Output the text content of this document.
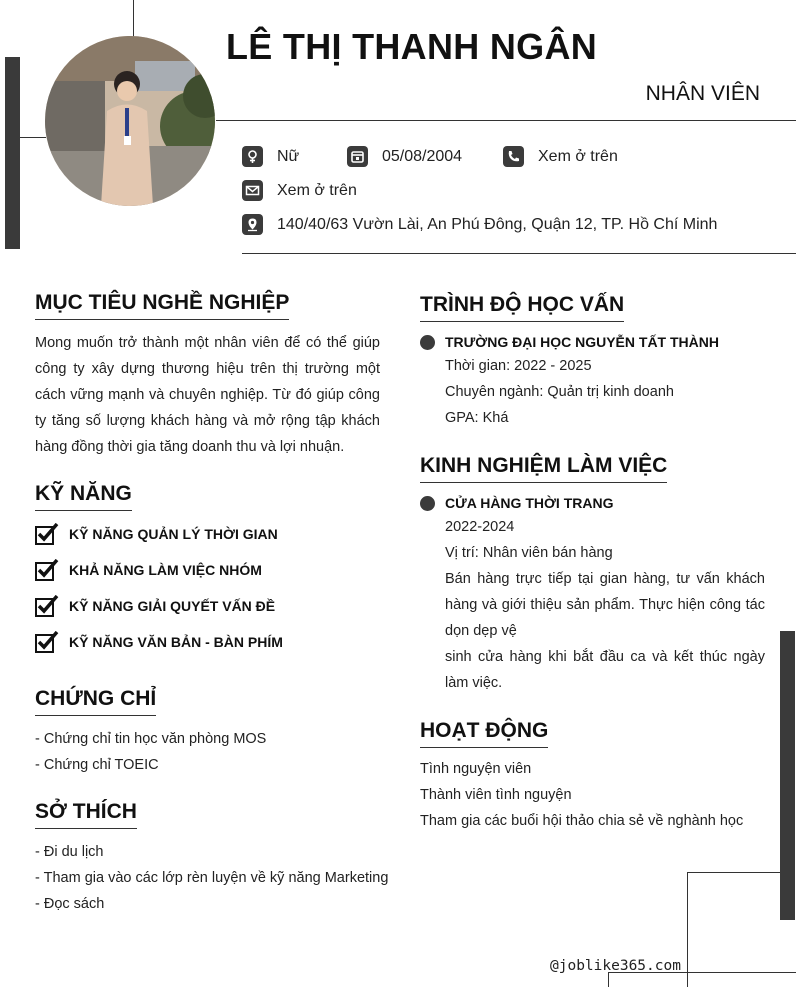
LÊ THỊ THANH NGÂN
NHÂN VIÊN
Nữ	05/08/2004	Xem ở trên
Xem ở trên
140/40/63 Vườn Lài, An Phú Đông, Quận 12, TP. Hồ Chí Minh
MỤC TIÊU NGHỀ NGHIỆP
Mong muốn trở thành một nhân viên để có thể giúp công ty xây dựng thương hiệu trên thị trường một cách vững mạnh và chuyên nghiệp. Từ đó giúp công ty tăng số lượng khách hàng và mở rộng tập khách hàng đồng thời gia tăng doanh thu và lợi nhuận.
KỸ NĂNG
KỸ NĂNG QUẢN LÝ THỜI GIAN
KHẢ NĂNG LÀM VIỆC NHÓM
KỸ NĂNG GIẢI QUYẾT VẤN ĐỀ
KỸ NĂNG VĂN BẢN - BÀN PHÍM
CHỨNG CHỈ
- Chứng chỉ tin học văn phòng MOS
- Chứng chỉ TOEIC
SỞ THÍCH
- Đi du lịch
- Tham gia vào các lớp rèn luyện về kỹ năng Marketing
- Đọc sách
TRÌNH ĐỘ HỌC VẤN
TRƯỜNG ĐẠI HỌC NGUYỄN TẤT THÀNH
Thời gian: 2022 - 2025
Chuyên ngành: Quản trị kinh doanh
GPA: Khá
KINH NGHIỆM LÀM VIỆC
CỬA HÀNG THỜI TRANG
2022-2024
Vị trí: Nhân viên bán hàng
Bán hàng trực tiếp tại gian hàng, tư vấn khách hàng và giới thiệu sản phẩm. Thực hiện công tác dọn dẹp vệ
sinh cửa hàng khi bắt đầu ca và kết thúc ngày làm việc.
HOẠT ĐỘNG
Tình nguyện viên
Thành viên tình nguyện
Tham gia các buổi hội thảo chia sẻ về nghành học
@joblike365.com
